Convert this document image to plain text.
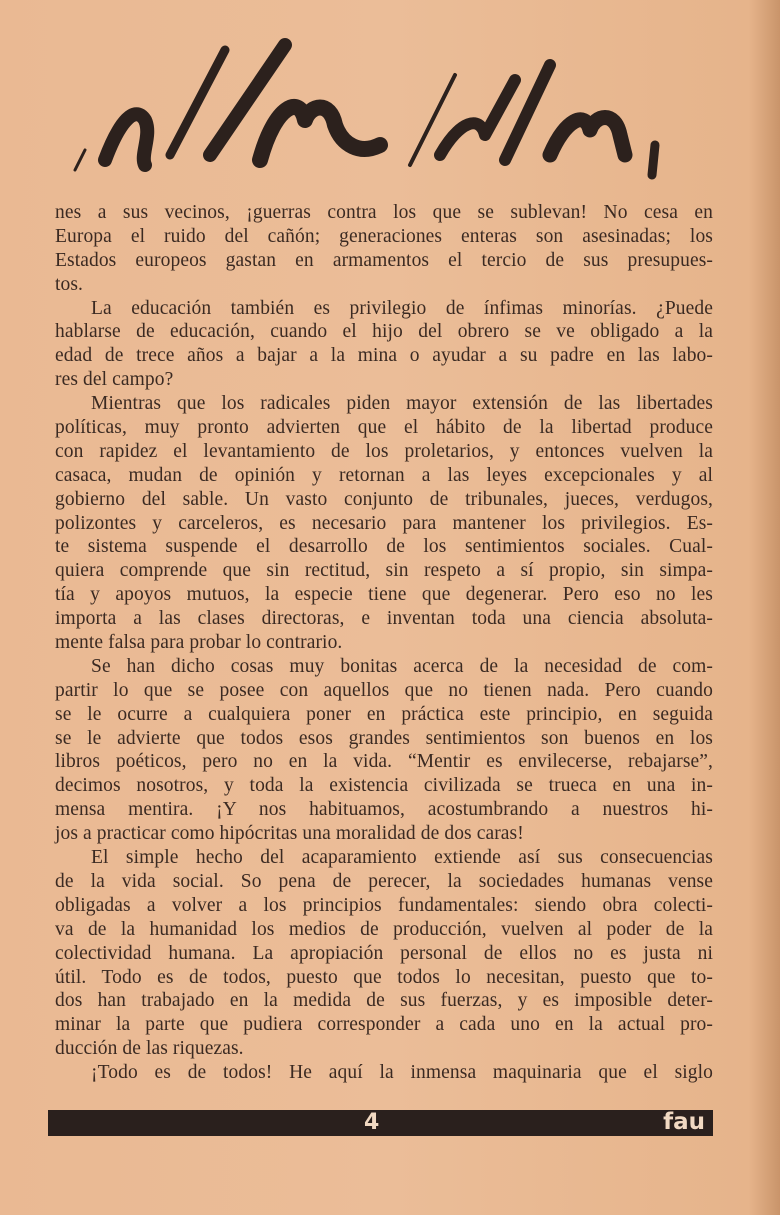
nes a sus vecinos, ¡guerras contra los que se sublevan! No cesa en
Europa el ruido del cañón; generaciones enteras son asesinadas; los
Estados europeos gastan en armamentos el tercio de sus presupues-
tos.
La educación también es privilegio de ínfimas minorías. ¿Puede
hablarse de educación, cuando el hijo del obrero se ve obligado a la
edad de trece años a bajar a la mina o ayudar a su padre en las labo-
res del campo?
Mientras que los radicales piden mayor extensión de las libertades
políticas, muy pronto advierten que el hábito de la libertad produce
con rapidez el levantamiento de los proletarios, y entonces vuelven la
casaca, mudan de opinión y retornan a las leyes excepcionales y al
gobierno del sable. Un vasto conjunto de tribunales, jueces, verdugos,
polizontes y carceleros, es necesario para mantener los privilegios. Es-
te sistema suspende el desarrollo de los sentimientos sociales. Cual-
quiera comprende que sin rectitud, sin respeto a sí propio, sin simpa-
tía y apoyos mutuos, la especie tiene que degenerar. Pero eso no les
importa a las clases directoras, e inventan toda una ciencia absoluta-
mente falsa para probar lo contrario.
Se han dicho cosas muy bonitas acerca de la necesidad de com-
partir lo que se posee con aquellos que no tienen nada. Pero cuando
se le ocurre a cualquiera poner en práctica este principio, en seguida
se le advierte que todos esos grandes sentimientos son buenos en los
libros poéticos, pero no en la vida. “Mentir es envilecerse, rebajarse”,
decimos nosotros, y toda la existencia civilizada se trueca en una in-
mensa mentira. ¡Y nos habituamos, acostumbrando a nuestros hi-
jos a practicar como hipócritas una moralidad de dos caras!
El simple hecho del acaparamiento extiende así sus consecuencias
de la vida social. So pena de perecer, la sociedades humanas vense
obligadas a volver a los principios fundamentales: siendo obra colecti-
va de la humanidad los medios de producción, vuelven al poder de la
colectividad humana. La apropiación personal de ellos no es justa ni
útil. Todo es de todos, puesto que todos lo necesitan, puesto que to-
dos han trabajado en la medida de sus fuerzas, y es imposible deter-
minar la parte que pudiera corresponder a cada uno en la actual pro-
ducción de las riquezas.
¡Todo es de todos! He aquí la inmensa maquinaria que el siglo
4	fau
